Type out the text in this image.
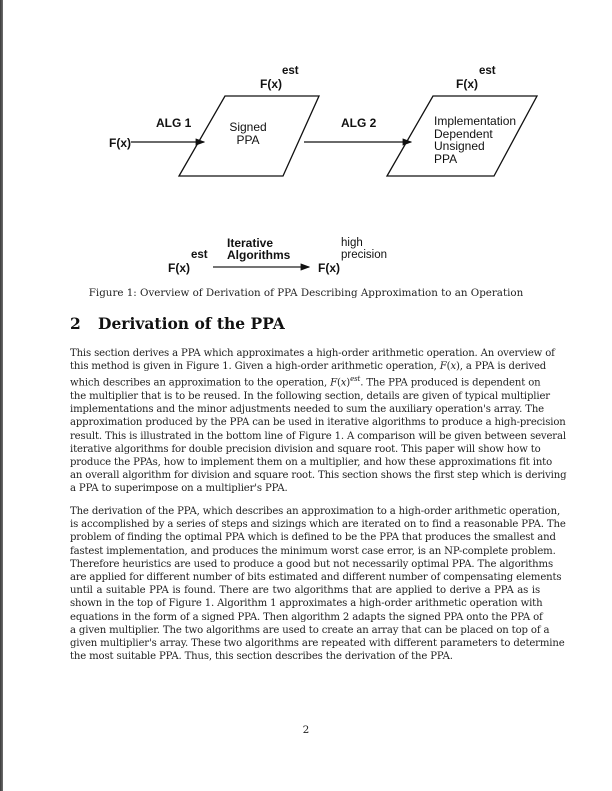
F(x)
ALG 1	ALG 2
F(x)
est
F(x)
est
Signed
PPA
Implementation
Dependent
Unsigned
PPA
F(x)
est
Iterative
Algorithms
F(x)
high
precision
Figure 1: Overview of Derivation of PPA Describing Approximation to an Operation
2 Derivation of the PPA
This section derives a PPA which approximates a high-order arithmetic operation. An overview of
this method is given in Figure 1. Given a high-order arithmetic operation, F(x), a PPA is derived
which describes an approximation to the operation, $F(x)^{est}$. The PPA produced is dependent on
the multiplier that is to be reused. In the following section, details are given of typical multiplier
implementations and the minor adjustments needed to sum the auxiliary operation's array. The
approximation produced by the PPA can be used in iterative algorithms to produce a high-precision
result. This is illustrated in the bottom line of Figure 1. A comparison will be given between several
iterative algorithms for double precision division and square root. This paper will show how to
produce the PPAs, how to implement them on a multiplier, and how these approximations fit into
an overall algorithm for division and square root. This section shows the first step which is deriving
a PPA to superimpose on a multiplier's PPA.
The derivation of the PPA, which describes an approximation to a high-order arithmetic operation,
is accomplished by a series of steps and sizings which are iterated on to find a reasonable PPA. The
problem of finding the optimal PPA which is defined to be the PPA that produces the smallest and
fastest implementation, and produces the minimum worst case error, is an NP-complete problem.
Therefore heuristics are used to produce a good but not necessarily optimal PPA. The algorithms
are applied for different number of bits estimated and different number of compensating elements
until a suitable PPA is found. There are two algorithms that are applied to derive a PPA as is
shown in the top of Figure 1. Algorithm 1 approximates a high-order arithmetic operation with
equations in the form of a signed PPA. Then algorithm 2 adapts the signed PPA onto the PPA of
a given multiplier. The two algorithms are used to create an array that can be placed on top of a
given multiplier's array. These two algorithms are repeated with different parameters to determine
the most suitable PPA. Thus, this section describes the derivation of the PPA.
2
